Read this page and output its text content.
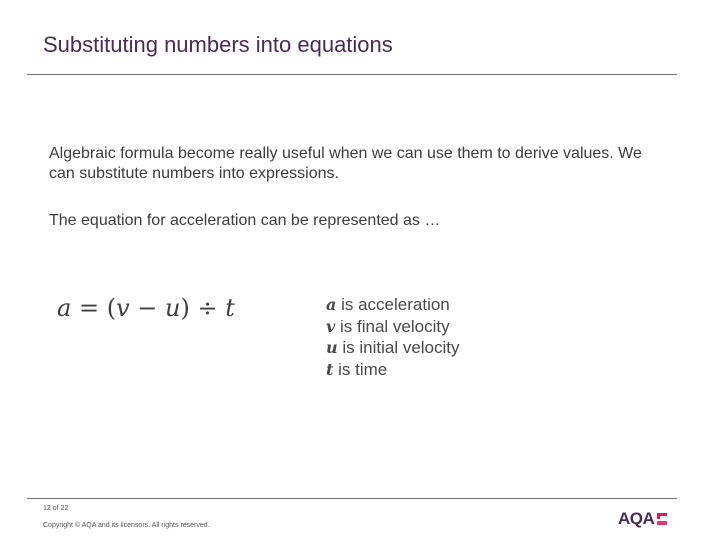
Substituting numbers into equations

Algebraic formula become really useful when we can use them to derive values. We can substitute numbers into expressions.

The equation for acceleration can be represented as …

a = (v − u) ÷ t	a is acceleration
v is final velocity
u is initial velocity
t is time
12 of 22
Copyright © AQA and its licensors. All rights reserved.	AQA
